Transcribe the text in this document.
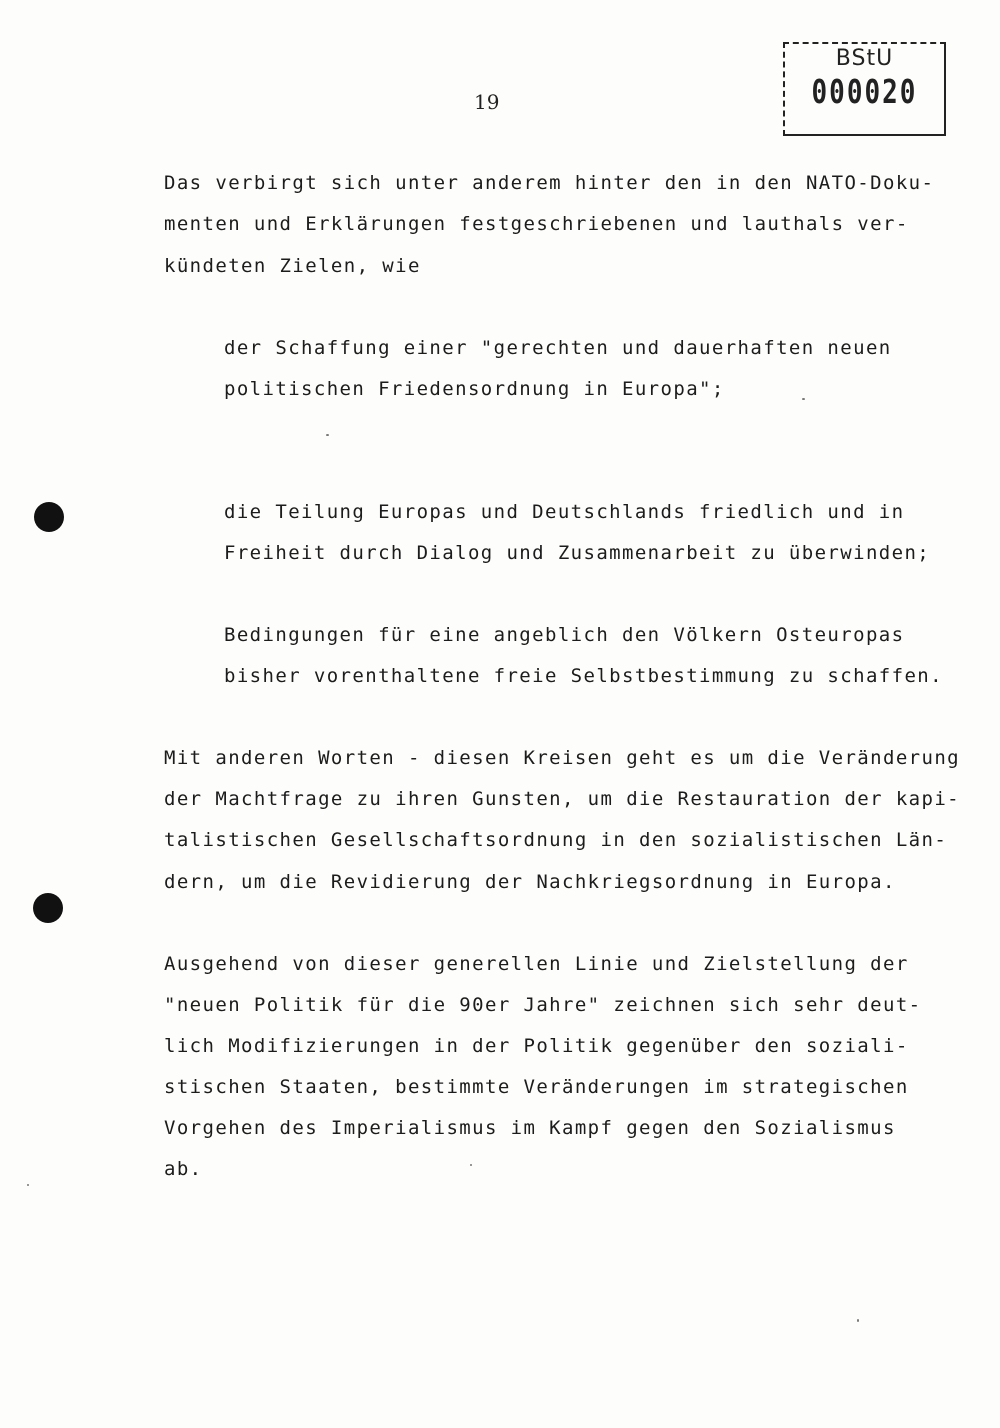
BStU
000020
19
Das verbirgt sich unter anderem hinter den in den NATO-Doku-
menten und Erklärungen festgeschriebenen und lauthals ver-
kündeten Zielen, wie
der Schaffung einer "gerechten und dauerhaften neuen
politischen Friedensordnung in Europa";
die Teilung Europas und Deutschlands friedlich und in
Freiheit durch Dialog und Zusammenarbeit zu überwinden;
Bedingungen für eine angeblich den Völkern Osteuropas
bisher vorenthaltene freie Selbstbestimmung zu schaffen.
Mit anderen Worten - diesen Kreisen geht es um die Veränderung
der Machtfrage zu ihren Gunsten, um die Restauration der kapi-
talistischen Gesellschaftsordnung in den sozialistischen Län-
dern, um die Revidierung der Nachkriegsordnung in Europa.
Ausgehend von dieser generellen Linie und Zielstellung der
"neuen Politik für die 90er Jahre" zeichnen sich sehr deut-
lich Modifizierungen in der Politik gegenüber den soziali-
stischen Staaten, bestimmte Veränderungen im strategischen
Vorgehen des Imperialismus im Kampf gegen den Sozialismus
ab.
